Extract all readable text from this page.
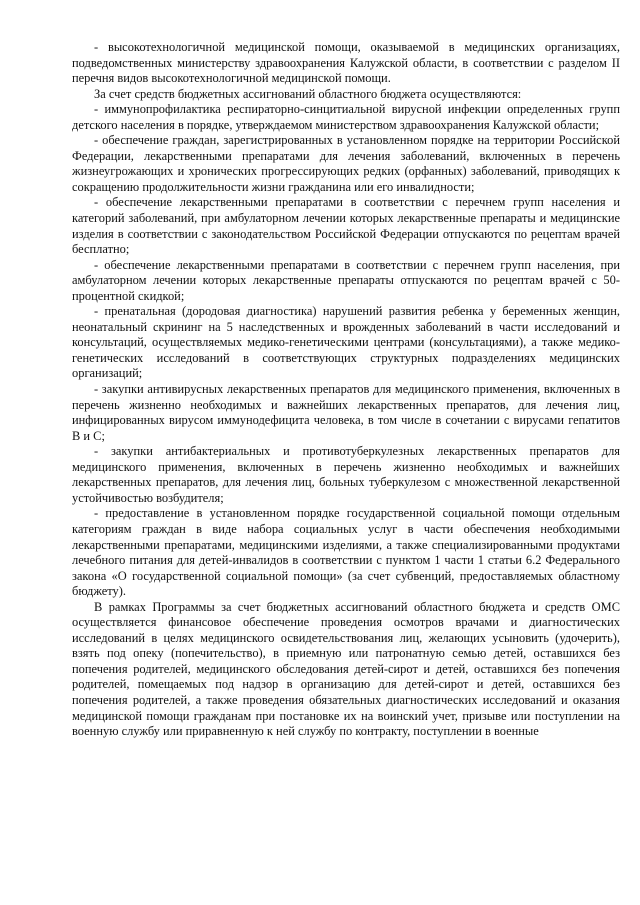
- высокотехнологичной медицинской помощи, оказываемой в медицинских организациях, подведомственных министерству здравоохранения Калужской области, в соответствии с разделом II перечня видов высокотехнологичной медицинской помощи.

За счет средств бюджетных ассигнований областного бюджета осуществляются:

- иммунопрофилактика респираторно-синцитиальной вирусной инфекции определенных групп детского населения в порядке, утверждаемом министерством здравоохранения Калужской области;

- обеспечение граждан, зарегистрированных в установленном порядке на территории Российской Федерации, лекарственными препаратами для лечения заболеваний, включенных в перечень жизнеугрожающих и хронических прогрессирующих редких (орфанных) заболеваний, приводящих к сокращению продолжительности жизни гражданина или его инвалидности;

- обеспечение лекарственными препаратами в соответствии с перечнем групп населения и категорий заболеваний, при амбулаторном лечении которых лекарственные препараты и медицинские изделия в соответствии с законодательством Российской Федерации отпускаются по рецептам врачей бесплатно;

- обеспечение лекарственными препаратами в соответствии с перечнем групп населения, при амбулаторном лечении которых лекарственные препараты отпускаются по рецептам врачей с 50-процентной скидкой;

- пренатальная (дородовая диагностика) нарушений развития ребенка у беременных женщин, неонатальный скрининг на 5 наследственных и врожденных заболеваний в части исследований и консультаций, осуществляемых медико-генетическими центрами (консультациями), а также медико-генетических исследований в соответствующих структурных подразделениях медицинских организаций;

- закупки антивирусных лекарственных препаратов для медицинского применения, включенных в перечень жизненно необходимых и важнейших лекарственных препаратов, для лечения лиц, инфицированных вирусом иммунодефицита человека, в том числе в сочетании с вирусами гепатитов B и C;

- закупки антибактериальных и противотуберкулезных лекарственных препаратов для медицинского применения, включенных в перечень жизненно необходимых и важнейших лекарственных препаратов, для лечения лиц, больных туберкулезом с множественной лекарственной устойчивостью возбудителя;

- предоставление в установленном порядке государственной социальной помощи отдельным категориям граждан в виде набора социальных услуг в части обеспечения необходимыми лекарственными препаратами, медицинскими изделиями, а также специализированными продуктами лечебного питания для детей-инвалидов в соответствии с пунктом 1 части 1 статьи 6.2 Федерального закона «О государственной социальной помощи» (за счет субвенций, предоставляемых областному бюджету).

В рамках Программы за счет бюджетных ассигнований областного бюджета и средств ОМС осуществляется финансовое обеспечение проведения осмотров врачами и диагностических исследований в целях медицинского освидетельствования лиц, желающих усыновить (удочерить), взять под опеку (попечительство), в приемную или патронатную семью детей, оставшихся без попечения родителей, медицинского обследования детей-сирот и детей, оставшихся без попечения родителей, помещаемых под надзор в организацию для детей-сирот и детей, оставшихся без попечения родителей, а также проведения обязательных диагностических исследований и оказания медицинской помощи гражданам при постановке их на воинский учет, призыве или поступлении на военную службу или приравненную к ней службу по контракту, поступлении в военные
